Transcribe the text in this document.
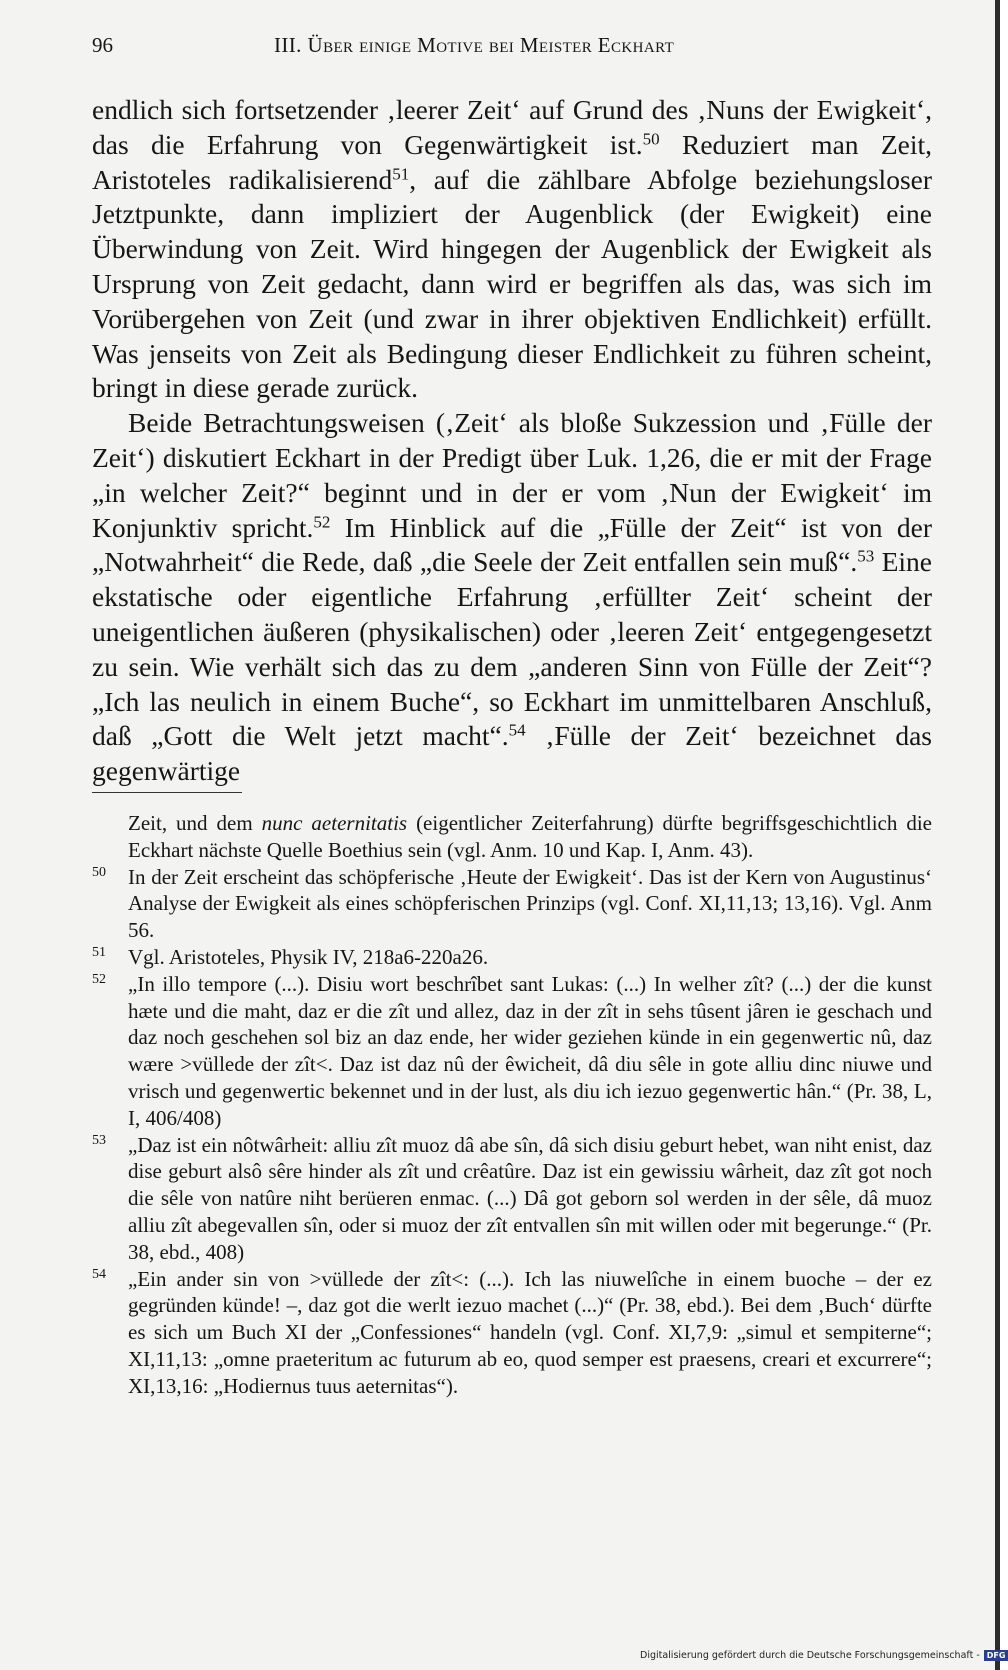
96	III. Über einige Motive bei Meister Eckhart

endlich sich fortsetzender ‚leerer Zeit‘ auf Grund des ‚Nuns der Ewigkeit‘, das die Erfahrung von Gegenwärtigkeit ist.$^{50}$ Reduziert man Zeit, Aristoteles radikalisierend$^{51}$, auf die zählbare Abfolge beziehungsloser Jetztpunkte, dann impliziert der Augenblick (der Ewigkeit) eine Überwindung von Zeit. Wird hingegen der Augenblick der Ewigkeit als Ursprung von Zeit gedacht, dann wird er begriffen als das, was sich im Vorübergehen von Zeit (und zwar in ihrer objektiven Endlichkeit) erfüllt. Was jenseits von Zeit als Bedingung dieser Endlichkeit zu führen scheint, bringt in diese gerade zurück.

Beide Betrachtungsweisen (‚Zeit‘ als bloße Sukzession und ‚Fülle der Zeit‘) diskutiert Eckhart in der Predigt über Luk. 1,26, die er mit der Frage „in welcher Zeit?“ beginnt und in der er vom ‚Nun der Ewigkeit‘ im Konjunktiv spricht.$^{52}$ Im Hinblick auf die „Fülle der Zeit“ ist von der „Notwahrheit“ die Rede, daß „die Seele der Zeit entfallen sein muß“.$^{53}$ Eine ekstatische oder eigentliche Erfahrung ‚erfüllter Zeit‘ scheint der uneigentlichen äußeren (physikalischen) oder ‚leeren Zeit‘ entgegengesetzt zu sein. Wie verhält sich das zu dem „anderen Sinn von Fülle der Zeit“? „Ich las neulich in einem Buche“, so Eckhart im unmittelbaren Anschluß, daß „Gott die Welt jetzt macht“.$^{54}$ ‚Fülle der Zeit‘ bezeichnet das gegenwärtige

Zeit, und dem nunc aeternitatis (eigentlicher Zeiterfahrung) dürfte begriffsgeschichtlich die Eckhart nächste Quelle Boethius sein (vgl. Anm. 10 und Kap. I, Anm. 43).
50 In der Zeit erscheint das schöpferische ‚Heute der Ewigkeit‘. Das ist der Kern von Augustinus‘ Analyse der Ewigkeit als eines schöpferischen Prinzips (vgl. Conf. XI,11,13; 13,16). Vgl. Anm 56.
51 Vgl. Aristoteles, Physik IV, 218a6-220a26.
52 „In illo tempore (...). Disiu wort beschrîbet sant Lukas: (...) In welher zît? (...) der die kunst hæte und die maht, daz er die zît und allez, daz in der zît in sehs tûsent jâren ie geschach und daz noch geschehen sol biz an daz ende, her wider geziehen künde in ein gegenwertic nû, daz wære >vüllede der zît<. Daz ist daz nû der êwicheit, dâ diu sêle in gote alliu dinc niuwe und vrisch und gegenwertic bekennet und in der lust, als diu ich iezuo gegenwertic hân.“ (Pr. 38, L, I, 406/408)
53 „Daz ist ein nôtwârheit: alliu zît muoz dâ abe sîn, dâ sich disiu geburt hebet, wan niht enist, daz dise geburt alsô sêre hinder als zît und crêatûre. Daz ist ein gewissiu wârheit, daz zît got noch die sêle von natûre niht berüeren enmac. (...) Dâ got geborn sol werden in der sêle, dâ muoz alliu zît abegevallen sîn, oder si muoz der zît entvallen sîn mit willen oder mit begerunge.“ (Pr. 38, ebd., 408)
54 „Ein ander sin von >vüllede der zît<: (...). Ich las niuwelîche in einem buoche – der ez gegründen künde! –, daz got die werlt iezuo machet (...)“ (Pr. 38, ebd.). Bei dem ‚Buch‘ dürfte es sich um Buch XI der „Confessiones“ handeln (vgl. Conf. XI,7,9: „simul et sempiterne“; XI,11,13: „omne praeteritum ac futurum ab eo, quod semper est praesens, creari et excurrere“; XI,13,16: „Hodiernus tuus aeternitas“).
Digitalisierung gefördert durch die Deutsche Forschungsgemeinschaft - DFG
